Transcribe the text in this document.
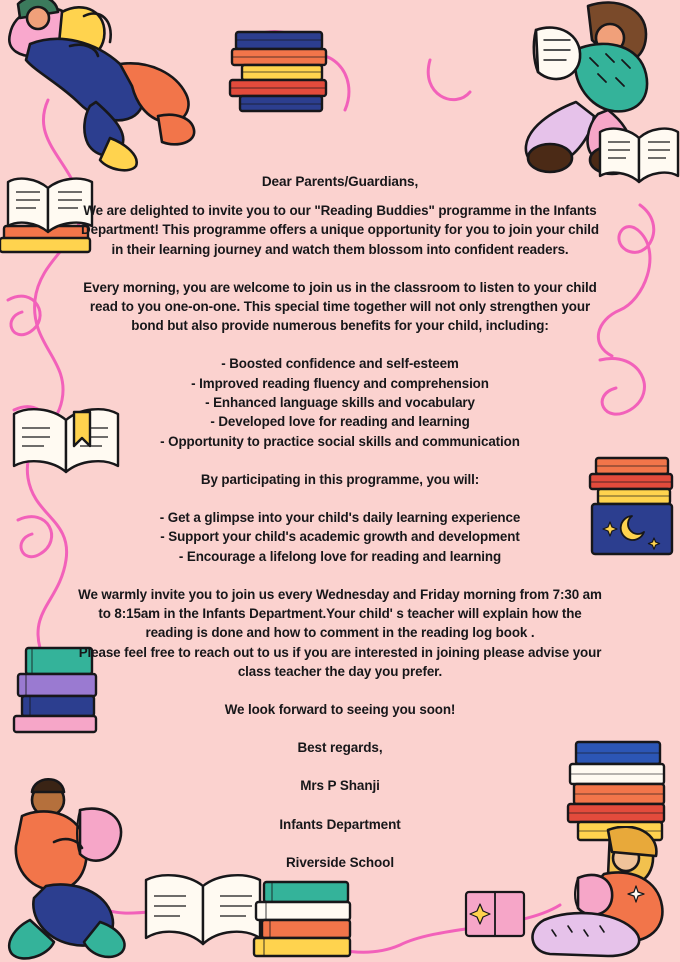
Dear Parents/Guardians,

We are delighted to invite you to our "Reading Buddies" programme in the Infants Department! This programme offers a unique opportunity for you to join your child in their learning journey and watch them blossom into confident readers.

Every morning, you are welcome to join us in the classroom to listen to your child read to you one-on-one. This special time together will not only strengthen your bond but also provide numerous benefits for your child, including:

- Boosted confidence and self-esteem

- Improved reading fluency and comprehension

- Enhanced language skills and vocabulary

- Developed love for reading and learning

- Opportunity to practice social skills and communication

By participating in this programme, you will:

- Get a glimpse into your child's daily learning experience

- Support your child's academic growth and development

- Encourage a lifelong love for reading and learning

We warmly invite you to join us every Wednesday and Friday morning from 7:30 am to 8:15am in the Infants Department.Your child' s teacher will explain how the reading is done and how to comment in the reading log book .

Please feel free to reach out to us if you are interested in joining please advise your class teacher the day you prefer.

We look forward to seeing you soon!

Best regards,

Mrs P Shanji

Infants Department

Riverside School
